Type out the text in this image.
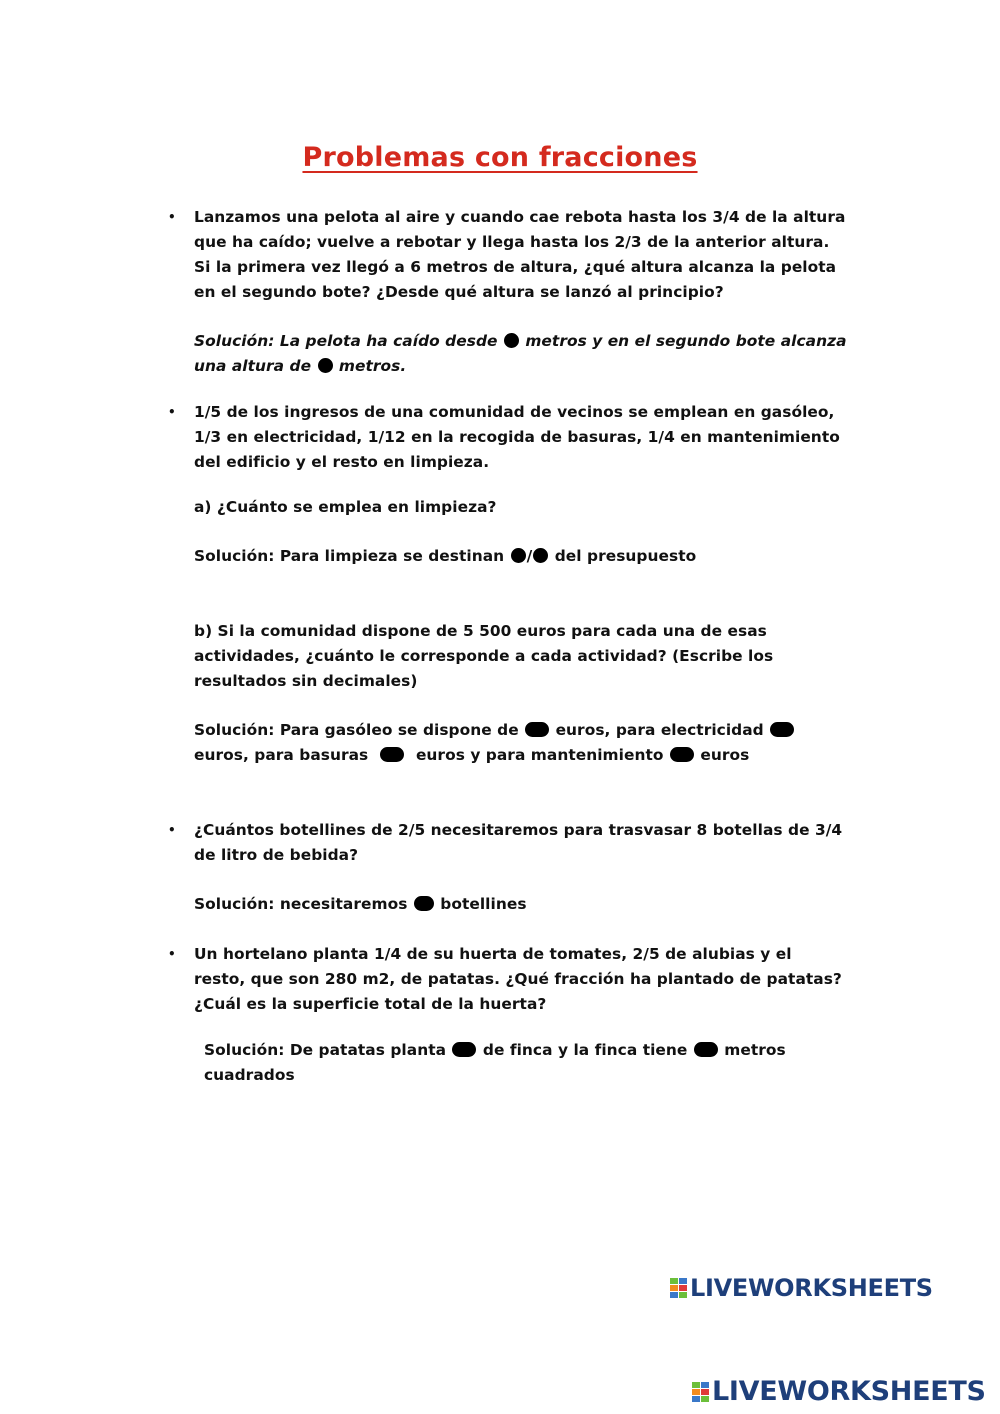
Problemas con fracciones
• Lanzamos una pelota al aire y cuando cae rebota hasta los 3/4 de la altura
que ha caído; vuelve a rebotar y llega hasta los 2/3 de la anterior altura.
Si la primera vez llegó a 6 metros de altura, ¿qué altura alcanza la pelota
en el segundo bote? ¿Desde qué altura se lanzó al principio?
Solución: La pelota ha caído desde metros y en el segundo bote alcanza
una altura de metros.
• 1/5 de los ingresos de una comunidad de vecinos se emplean en gasóleo,
1/3 en electricidad, 1/12 en la recogida de basuras, 1/4 en mantenimiento
del edificio y el resto en limpieza.
a) ¿Cuánto se emplea en limpieza?
Solución: Para limpieza se destinan / del presupuesto
b) Si la comunidad dispone de 5 500 euros para cada una de esas
actividades, ¿cuánto le corresponde a cada actividad? (Escribe los
resultados sin decimales)
Solución: Para gasóleo se dispone de euros, para electricidad
euros, para basuras	euros y para mantenimiento euros
• ¿Cuántos botellines de 2/5 necesitaremos para trasvasar 8 botellas de 3/4
de litro de bebida?
Solución: necesitaremos botellines
• Un hortelano planta 1/4 de su huerta de tomates, 2/5 de alubias y el
resto, que son 280 m2, de patatas. ¿Qué fracción ha plantado de patatas?
¿Cuál es la superficie total de la huerta?
Solución: De patatas planta de finca y la finca tiene metros
cuadrados
LIVEWORKSHEETS
LIVEWORKSHEETS
